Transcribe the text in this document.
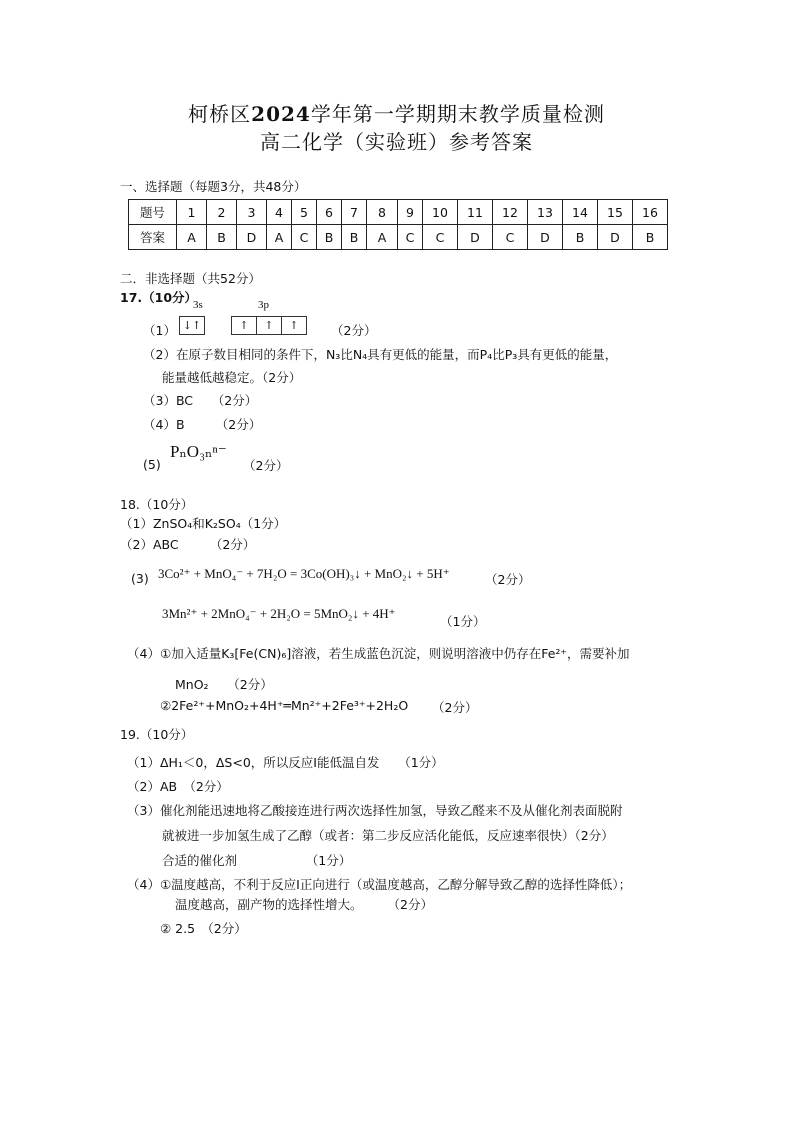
柯桥区2024学年第一学期期末教学质量检测
高二化学（实验班）参考答案
一、选择题（每题3分，共48分）
题号	1	2	3	4	5	6	7	8	9	10	11	12	13	14	15	16
答案	A	B	D	A	C	B	B	A	C	C	D	C	D	B	D	B
二．非选择题（共52分）
17.（10分）
3s	3p
（1） ↓↑	↑	↑	↑	（2分）
（2）在原子数目相同的条件下，N₃比N₄具有更低的能量，而P₄比P₃具有更低的能量，
能量越低越稳定。（2分）
（3）BC　　（2分）
（4）B　　　（2分）
(5)
PₙO₃ₙⁿ⁻
（2分）
18.（10分）
（1）ZnSO₄和K₂SO₄（1分）
（2）ABC　　　（2分）
(3) 3Co²⁺ + MnO₄⁻ + 7H₂O = 3Co(OH)₃↓ + MnO₂↓ + 5H⁺	（2分）
3Mn²⁺ + 2MnO₄⁻ + 2H₂O = 5MnO₂↓ + 4H⁺
（1分）
（4） ①加入适量K₃[Fe(CN)₆]溶液，若生成蓝色沉淀，则说明溶液中仍存在Fe²⁺，需要补加
MnO₂　　（2分）
②2Fe²⁺+MnO₂+4H⁺═Mn²⁺+2Fe³⁺+2H₂O （2分）
19.（10分）
（1）ΔH₁＜0，ΔS<0，所以反应Ⅰ能低温自发　　（1分）
（2）AB　（2分）
（3）催化剂能迅速地将乙酸接连进行两次选择性加氢，导致乙醛来不及从催化剂表面脱附
就被进一步加氢生成了乙醇（或者：第二步反应活化能低，反应速率很快）（2分）
合适的催化剂　　　　　　（1分）
（4）①温度越高，不利于反应Ⅰ正向进行（或温度越高，乙醇分解导致乙醇的选择性降低）；
温度越高，副产物的选择性增大。　　　（2分）
② 2.5　（2分）
